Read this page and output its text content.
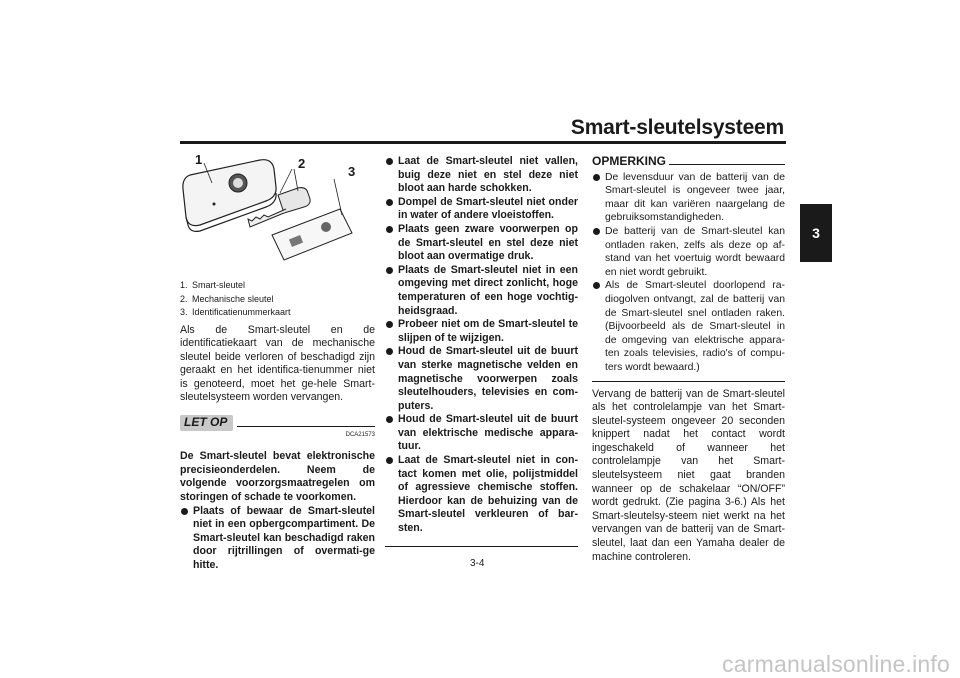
Smart-sleutelsysteem
3
1	2
3
1. Smart-sleutel
2. Mechanische sleutel
3. Identificatienummerkaart

Als de Smart-sleutel en de identificatiekaart van de mechanische sleutel beide verloren of beschadigd zijn geraakt en het identifica-tienummer niet is genoteerd, moet het ge-hele Smart-sleutelsysteem worden vervangen.

LET OP
DCA21573

De Smart-sleutel bevat elektronische precisieonderdelen. Neem de volgende voorzorgsmaatregelen om storingen of schade te voorkomen.

Plaats of bewaar de Smart-sleutel niet in een opbergcompartiment. De Smart-sleutel kan beschadigd raken door rijtrillingen of overmati-ge hitte.
Laat de Smart-sleutel niet vallen, buig deze niet en stel deze niet bloot aan harde schokken.
Dompel de Smart-sleutel niet onder in water of andere vloeistoffen.
Plaats geen zware voorwerpen op de Smart-sleutel en stel deze niet bloot aan overmatige druk.
Plaats de Smart-sleutel niet in een omgeving met direct zonlicht, hoge temperaturen of een hoge vochtig-heidsgraad.
Probeer niet om de Smart-sleutel te slijpen of te wijzigen.
Houd de Smart-sleutel uit de buurt van sterke magnetische velden en magnetische voorwerpen zoals sleutelhouders, televisies en com-puters.
Houd de Smart-sleutel uit de buurt van elektrische medische appara-tuur.
Laat de Smart-sleutel niet in con-tact komen met olie, polijstmiddel of agressieve chemische stoffen. Hierdoor kan de behuizing van de Smart-sleutel verkleuren of bar-sten.
OPMERKING
De levensduur van de batterij van de Smart-sleutel is ongeveer twee jaar, maar dit kan variëren naargelang de gebruiksomstandigheden.
De batterij van de Smart-sleutel kan ontladen raken, zelfs als deze op af-stand van het voertuig wordt bewaard en niet wordt gebruikt.
Als de Smart-sleutel doorlopend ra-diogolven ontvangt, zal de batterij van de Smart-sleutel snel ontladen raken. (Bijvoorbeeld als de Smart-sleutel in de omgeving van elektrische appara-ten zoals televisies, radio's of compu-ters wordt bewaard.)

Vervang de batterij van de Smart-sleutel als het controlelampje van het Smart-sleutel-systeem ongeveer 20 seconden knippert nadat het contact wordt ingeschakeld of wanneer het controlelampje van het Smart-sleutelsysteem niet gaat branden wanneer op de schakelaar “ON/OFF” wordt gedrukt. (Zie pagina 3-6.) Als het Smart-sleutelsy-steem niet werkt na het vervangen van de batterij van de Smart-sleutel, laat dan een Yamaha dealer de machine controleren.

3-4
carmanualsonline.info
